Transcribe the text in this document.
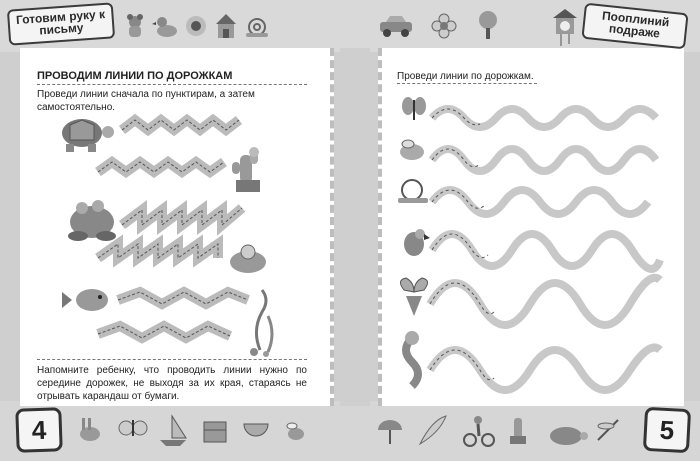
Готовим руку к письму	Пооплиний подраже
ПРОВОДИМ ЛИНИИ ПО ДОРОЖКАМ
Проведи линии сначала по пунктирам, а затем самостоятельно.
Напомните ребенку, что проводить линии нужно по середине дорожек, не выходя за их края, стараясь не отрывать карандаш от бумаги.
Проведи линии по дорожкам.
4	5
